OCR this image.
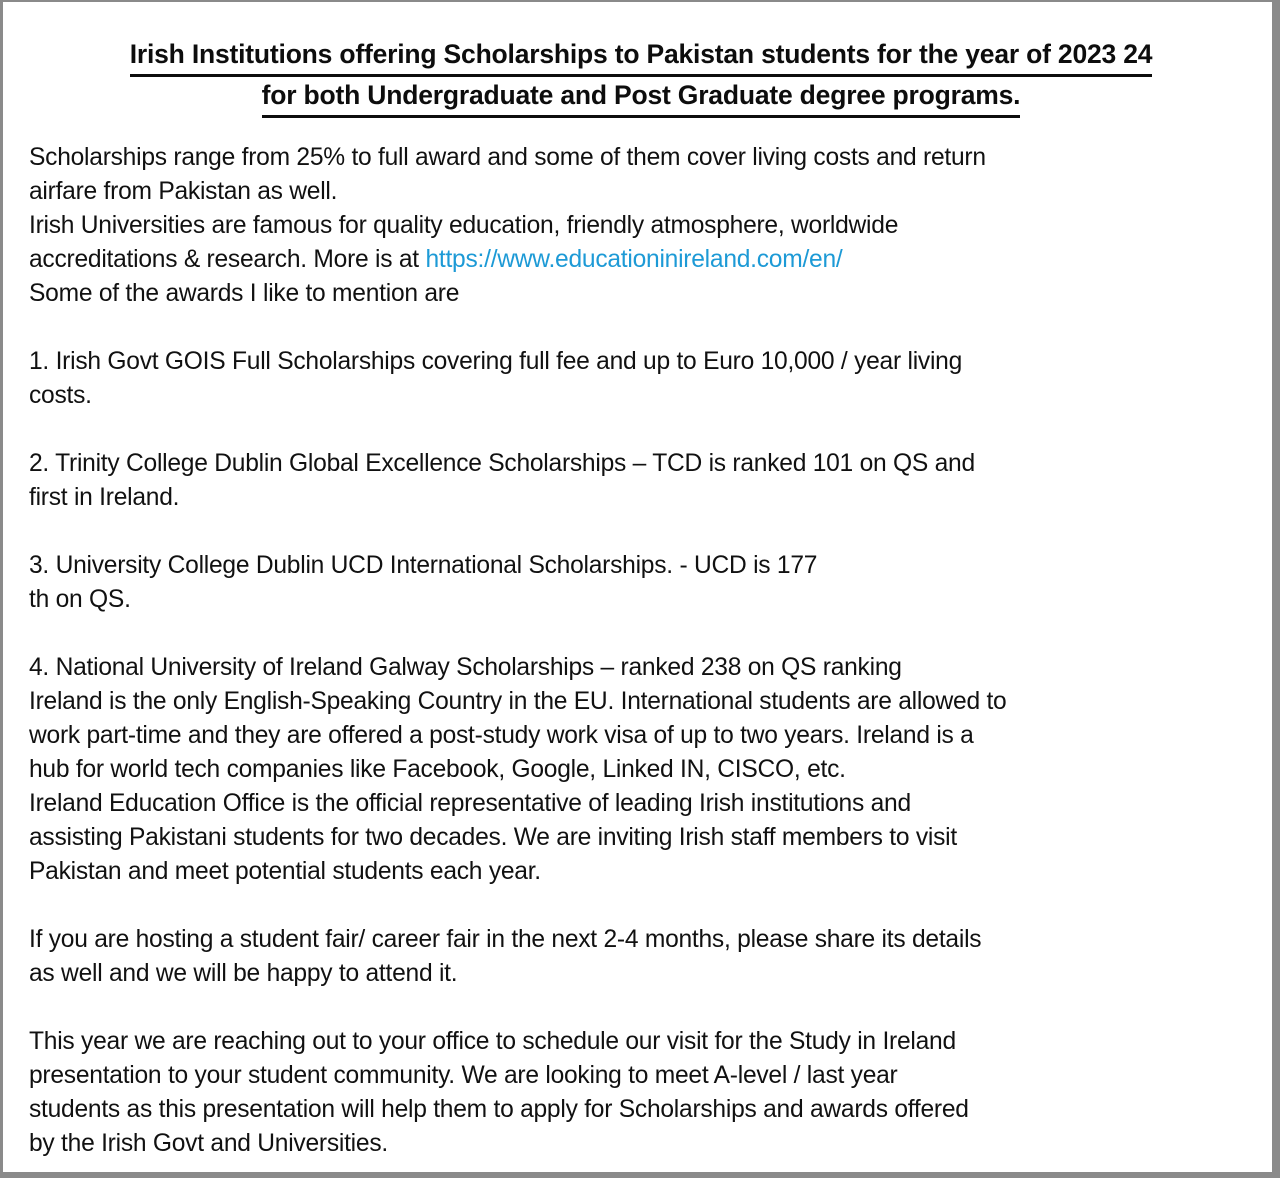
Irish Institutions offering Scholarships to Pakistan students for the year of 2023 24
for both Undergraduate and Post Graduate degree programs.
Scholarships range from 25% to full award and some of them cover living costs and return
airfare from Pakistan as well.
Irish Universities are famous for quality education, friendly atmosphere, worldwide
accreditations & research. More is at https://www.educationinireland.com/en/
Some of the awards I like to mention are
1. Irish Govt GOIS Full Scholarships covering full fee and up to Euro 10,000 / year living
costs.
2. Trinity College Dublin Global Excellence Scholarships – TCD is ranked 101 on QS and
first in Ireland.
3. University College Dublin UCD International Scholarships. - UCD is 177
th on QS.
4. National University of Ireland Galway Scholarships – ranked 238 on QS ranking
Ireland is the only English-Speaking Country in the EU. International students are allowed to
work part-time and they are offered a post-study work visa of up to two years. Ireland is a
hub for world tech companies like Facebook, Google, Linked IN, CISCO, etc.
Ireland Education Office is the official representative of leading Irish institutions and
assisting Pakistani students for two decades. We are inviting Irish staff members to visit
Pakistan and meet potential students each year.
If you are hosting a student fair/ career fair in the next 2-4 months, please share its details
as well and we will be happy to attend it.
This year we are reaching out to your office to schedule our visit for the Study in Ireland
presentation to your student community. We are looking to meet A-level / last year
students as this presentation will help them to apply for Scholarships and awards offered
by the Irish Govt and Universities.
